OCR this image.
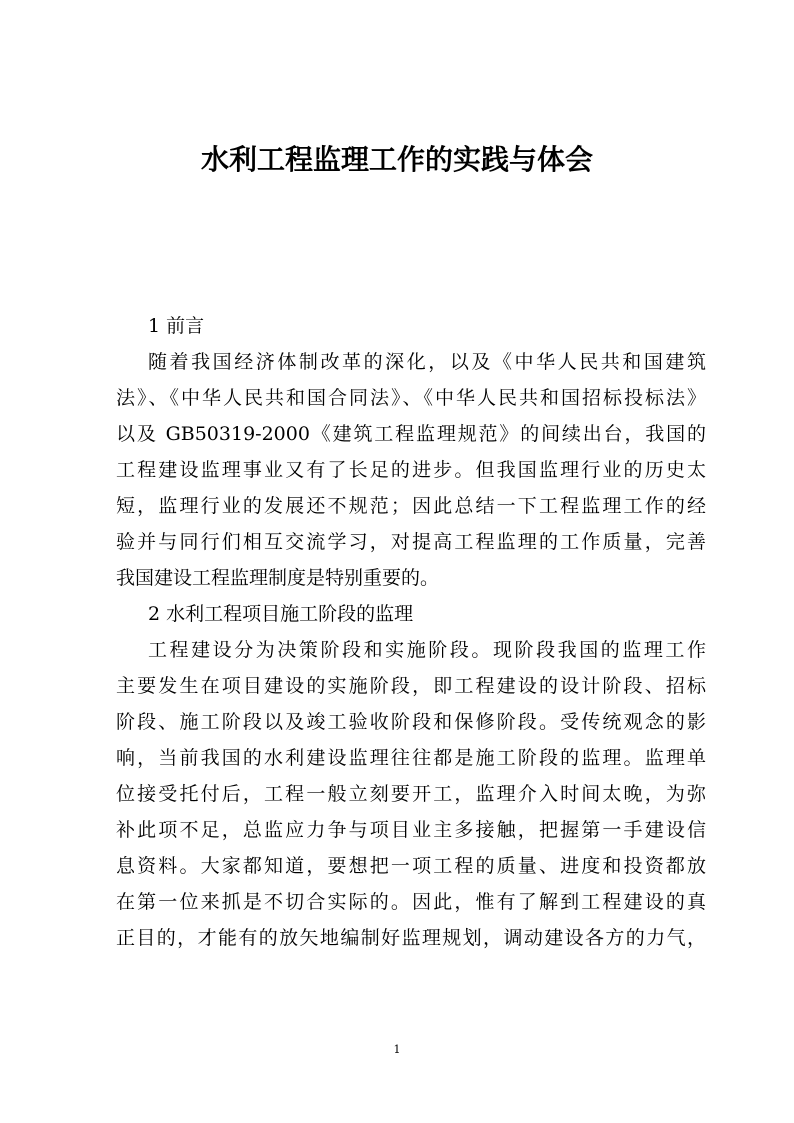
水利工程监理工作的实践与体会
1 前言
随着我国经济体制改革的深化，以及《中华人民共和国建筑
法》、《中华人民共和国合同法》、《中华人民共和国招标投标法》
以及 GB50319-2000《建筑工程监理规范》的间续出台，我国的
工程建设监理事业又有了长足的进步。但我国监理行业的历史太
短，监理行业的发展还不规范；因此总结一下工程监理工作的经
验并与同行们相互交流学习，对提高工程监理的工作质量，完善
我国建设工程监理制度是特别重要的。
2 水利工程项目施工阶段的监理
工程建设分为决策阶段和实施阶段。现阶段我国的监理工作
主要发生在项目建设的实施阶段，即工程建设的设计阶段、招标
阶段、施工阶段以及竣工验收阶段和保修阶段。受传统观念的影
响，当前我国的水利建设监理往往都是施工阶段的监理。监理单
位接受托付后，工程一般立刻要开工，监理介入时间太晚，为弥
补此项不足，总监应力争与项目业主多接触，把握第一手建设信
息资料。大家都知道，要想把一项工程的质量、进度和投资都放
在第一位来抓是不切合实际的。因此，惟有了解到工程建设的真
正目的，才能有的放矢地编制好监理规划，调动建设各方的力气，
1
